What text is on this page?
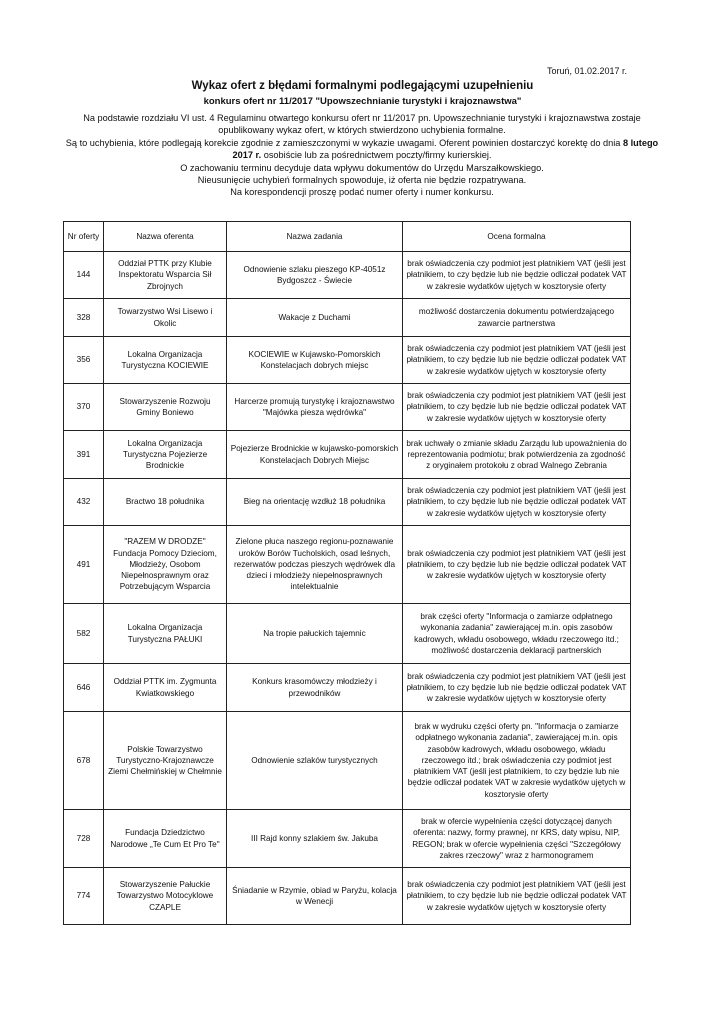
Toruń, 01.02.2017 r.
Wykaz ofert z błędami formalnymi podlegającymi uzupełnieniu
konkurs ofert nr 11/2017 "Upowszechnianie turystyki i krajoznawstwa"

Na podstawie rozdziału VI ust. 4 Regulaminu otwartego konkursu ofert nr 11/2017 pn. Upowszechnianie turystyki i krajoznawstwa zostaje

opublikowany wykaz ofert, w których stwierdzono uchybienia formalne.

Są to uchybienia, które podlegają korekcie zgodnie z zamieszczonymi w wykazie uwagami. Oferent powinien dostarczyć korektę do dnia 8 lutego

2017 r. osobiście lub za pośrednictwem poczty/firmy kurierskiej.

O zachowaniu terminu decyduje data wpływu dokumentów do Urzędu Marszałkowskiego.

Nieusunięcie uchybień formalnych spowoduje, iż oferta nie będzie rozpatrywana.

Na korespondencji proszę podać numer oferty i numer konkursu.

Nr oferty	Nazwa oferenta	Nazwa zadania	Ocena formalna
144	Oddział PTTK przy Klubie Inspektoratu Wsparcia Sił Zbrojnych	Odnowienie szlaku pieszego KP-4051z Bydgoszcz - Świecie	brak oświadczenia czy podmiot jest płatnikiem VAT (jeśli jest płatnikiem, to czy będzie lub nie będzie odliczał podatek VAT w zakresie wydatków ujętych w kosztorysie oferty
328	Towarzystwo Wsi Lisewo i Okolic	Wakacje z Duchami	możliwość dostarczenia dokumentu potwierdzającego zawarcie partnerstwa
356	Lokalna Organizacja Turystyczna KOCIEWIE	KOCIEWIE w Kujawsko-Pomorskich Konstelacjach dobrych miejsc	brak oświadczenia czy podmiot jest płatnikiem VAT (jeśli jest płatnikiem, to czy będzie lub nie będzie odliczał podatek VAT w zakresie wydatków ujętych w kosztorysie oferty
370	Stowarzyszenie Rozwoju Gminy Boniewo	Harcerze promują turystykę i krajoznawstwo "Majówka piesza wędrówka"	brak oświadczenia czy podmiot jest płatnikiem VAT (jeśli jest płatnikiem, to czy będzie lub nie będzie odliczał podatek VAT w zakresie wydatków ujętych w kosztorysie oferty
391	Lokalna Organizacja Turystyczna Pojezierze Brodnickie	Pojezierze Brodnickie w kujawsko-pomorskich Konstelacjach Dobrych Miejsc	brak uchwały o zmianie składu Zarządu lub upoważnienia do reprezentowania podmiotu; brak potwierdzenia za zgodność z oryginałem protokołu z obrad Walnego Zebrania
432	Bractwo 18 południka	Bieg na orientację wzdłuż 18 południka	brak oświadczenia czy podmiot jest płatnikiem VAT (jeśli jest płatnikiem, to czy będzie lub nie będzie odliczał podatek VAT w zakresie wydatków ujętych w kosztorysie oferty
491	"RAZEM W DRODZE" Fundacja Pomocy Dzieciom, Młodzieży, Osobom Niepełnosprawnym oraz Potrzebującym Wsparcia	Zielone płuca naszego regionu-poznawanie uroków Borów Tucholskich, osad leśnych, rezerwatów podczas pieszych wędrówek dla dzieci i młodzieży niepełnosprawnych intelektualnie	brak oświadczenia czy podmiot jest płatnikiem VAT (jeśli jest płatnikiem, to czy będzie lub nie będzie odliczał podatek VAT w zakresie wydatków ujętych w kosztorysie oferty
582	Lokalna Organizacja Turystyczna PAŁUKI	Na tropie pałuckich tajemnic	brak części oferty "Informacja o zamiarze odpłatnego wykonania zadania" zawierającej m.in. opis zasobów kadrowych, wkładu osobowego, wkładu rzeczowego itd.; możliwość dostarczenia deklaracji partnerskich
646	Oddział PTTK im. Zygmunta Kwiatkowskiego	Konkurs krasomówczy młodzieży i przewodników	brak oświadczenia czy podmiot jest płatnikiem VAT (jeśli jest płatnikiem, to czy będzie lub nie będzie odliczał podatek VAT w zakresie wydatków ujętych w kosztorysie oferty
678	Polskie Towarzystwo Turystyczno-Krajoznawcze Ziemi Chełmińskiej w Chełmnie	Odnowienie szlaków turystycznych	brak w wydruku części oferty pn. "Informacja o zamiarze odpłatnego wykonania zadania", zawierającej m.in. opis zasobów kadrowych, wkładu osobowego, wkładu rzeczowego itd.; brak oświadczenia czy podmiot jest płatnikiem VAT (jeśli jest płatnikiem, to czy będzie lub nie będzie odliczał podatek VAT w zakresie wydatków ujętych w kosztorysie oferty
728	Fundacja Dziedzictwo Narodowe „Te Cum Et Pro Te"	III Rajd konny szlakiem św. Jakuba	brak w ofercie wypełnienia części dotyczącej danych oferenta: nazwy, formy prawnej, nr KRS, daty wpisu, NIP, REGON; brak w ofercie wypełnienia części "Szczegółowy zakres rzeczowy" wraz z harmonogramem
774	Stowarzyszenie Pałuckie Towarzystwo Motocyklowe CZAPLE	Śniadanie w Rzymie, obiad w Paryżu, kolacja w Wenecji	brak oświadczenia czy podmiot jest płatnikiem VAT (jeśli jest płatnikiem, to czy będzie lub nie będzie odliczał podatek VAT w zakresie wydatków ujętych w kosztorysie oferty
